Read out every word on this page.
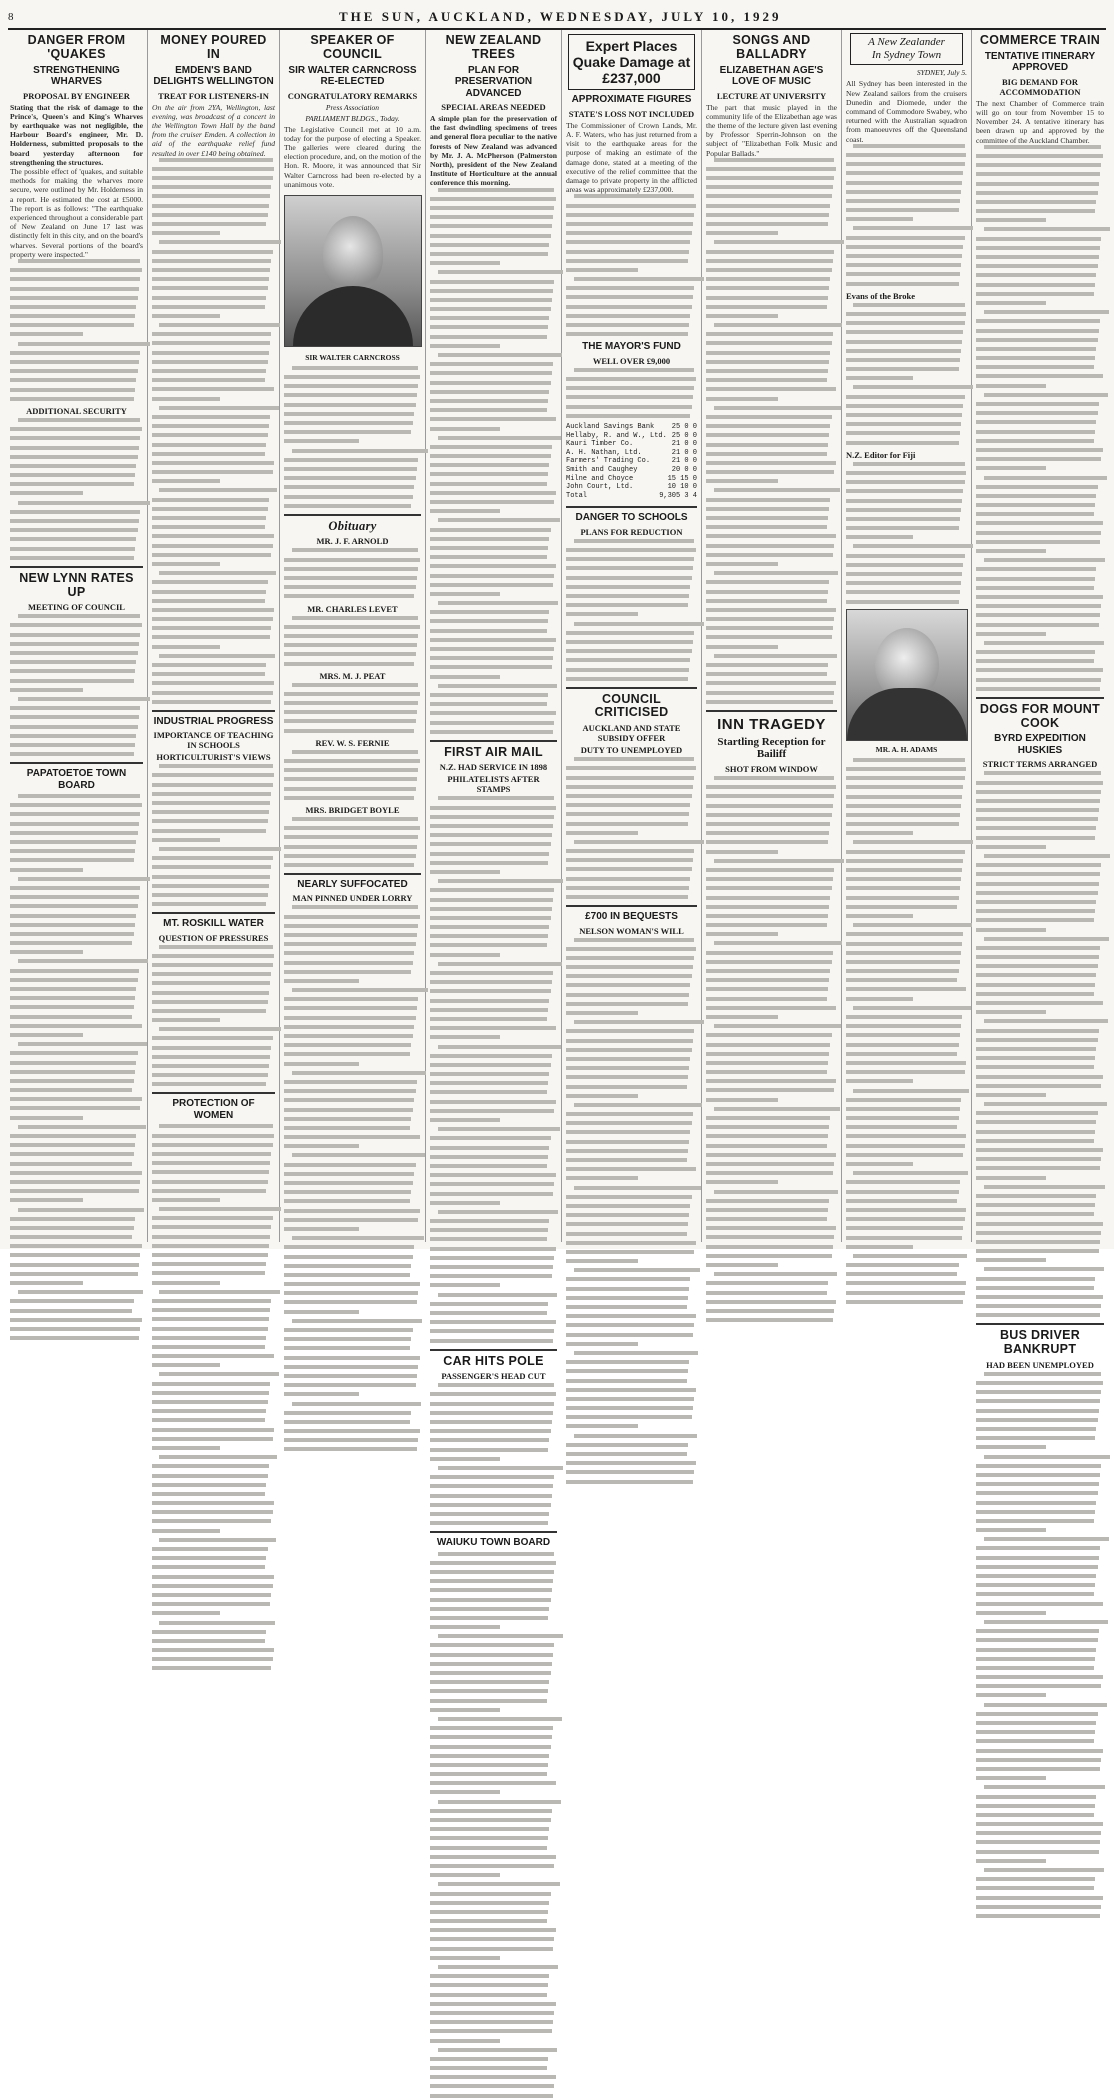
8	THE SUN, AUCKLAND, WEDNESDAY, JULY 10, 1929
DANGER FROM 'QUAKES
STRENGTHENING WHARVES
PROPOSAL BY ENGINEER
Stating that the risk of damage to the Prince's, Queen's and King's Wharves by earthquake was not negligible, the Harbour Board's engineer, Mr. D. Holderness, submitted proposals to the board yesterday afternoon for strengthening the structures.
The possible effect of 'quakes, and suitable methods for making the wharves more secure, were outlined by Mr. Holderness in a report. He estimated the cost at £5000. The report is as follows: "The earthquake experienced throughout a considerable part of New Zealand on June 17 last was distinctly felt in this city, and on the board's wharves. Several portions of the board's property were inspected."
ADDITIONAL SECURITY
NEW LYNN RATES UP
MEETING OF COUNCIL
PAPATOETOE TOWN BOARD
MONEY POURED IN
EMDEN'S BAND DELIGHTS WELLINGTON
TREAT FOR LISTENERS-IN
On the air from 2YA, Wellington, last evening, was broadcast of a concert in the Wellington Town Hall by the band from the cruiser Emden. A collection in aid of the earthquake relief fund resulted in over £140 being obtained.
INDUSTRIAL PROGRESS
IMPORTANCE OF TEACHING IN SCHOOLS
HORTICULTURIST'S VIEWS
MT. ROSKILL WATER
QUESTION OF PRESSURES
PROTECTION OF WOMEN
SPEAKER OF COUNCIL
SIR WALTER CARNCROSS RE-ELECTED
CONGRATULATORY REMARKS
Press Association
PARLIAMENT BLDGS., Today.
The Legislative Council met at 10 a.m. today for the purpose of electing a Speaker. The galleries were cleared during the election procedure, and, on the motion of the Hon. R. Moore, it was announced that Sir Walter Carncross had been re-elected by a unanimous vote.
SIR WALTER CARNCROSS
Obituary
MR. J. F. ARNOLD
MR. CHARLES LEVET
MRS. M. J. PEAT
REV. W. S. FERNIE
MRS. BRIDGET BOYLE
NEARLY SUFFOCATED
MAN PINNED UNDER LORRY
NEW ZEALAND TREES
PLAN FOR PRESERVATION ADVANCED
SPECIAL AREAS NEEDED
A simple plan for the preservation of the fast dwindling specimens of trees and general flora peculiar to the native forests of New Zealand was advanced by Mr. J. A. McPherson (Palmerston North), president of the New Zealand Institute of Horticulture at the annual conference this morning.
FIRST AIR MAIL
N.Z. HAD SERVICE IN 1898
PHILATELISTS AFTER STAMPS
CAR HITS POLE
PASSENGER'S HEAD CUT
WAIUKU TOWN BOARD
Expert Places Quake Damage at £237,000
APPROXIMATE FIGURES
STATE'S LOSS NOT INCLUDED
The Commissioner of Crown Lands, Mr. A. F. Waters, who has just returned from a visit to the earthquake areas for the purpose of making an estimate of the damage done, stated at a meeting of the executive of the relief committee that the damage to private property in the afflicted areas was approximately £237,000.
THE MAYOR'S FUND
WELL OVER £9,000
Auckland Savings Bank	25 0 0
Hellaby, R. and W., Ltd. 25 0 0
Kauri Timber Co.	21 0 0
A. H. Nathan, Ltd.	21 0 0
Farmers' Trading Co.	21 0 0
Smith and Caughey	20 0 0
Milne and Choyce	15 15 0
John Court, Ltd.	10 10 0
Total	9,305 3 4
DANGER TO SCHOOLS
PLANS FOR REDUCTION
COUNCIL CRITICISED
AUCKLAND AND STATE SUBSIDY OFFER
DUTY TO UNEMPLOYED
£700 IN BEQUESTS
NELSON WOMAN'S WILL
SONGS AND BALLADRY
ELIZABETHAN AGE'S LOVE OF MUSIC
LECTURE AT UNIVERSITY
The part that music played in the community life of the Elizabethan age was the theme of the lecture given last evening by Professor Sperrin-Johnson on the subject of "Elizabethan Folk Music and Popular Ballads."
INN TRAGEDY
Startling Reception for Bailiff
SHOT FROM WINDOW
A New Zealander
In Sydney Town
SYDNEY, July 5.
All Sydney has been interested in the New Zealand sailors from the cruisers Dunedin and Diomede, under the command of Commodore Swabey, who returned with the Australian squadron from manoeuvres off the Queensland coast.
Evans of the Broke
N.Z. Editor for Fiji
MR. A. H. ADAMS
COMMERCE TRAIN
TENTATIVE ITINERARY APPROVED
BIG DEMAND FOR ACCOMMODATION
The next Chamber of Commerce train will go on tour from November 15 to November 24. A tentative itinerary has been drawn up and approved by the committee of the Auckland Chamber.
DOGS FOR MOUNT COOK
BYRD EXPEDITION HUSKIES
STRICT TERMS ARRANGED
BUS DRIVER BANKRUPT
HAD BEEN UNEMPLOYED
